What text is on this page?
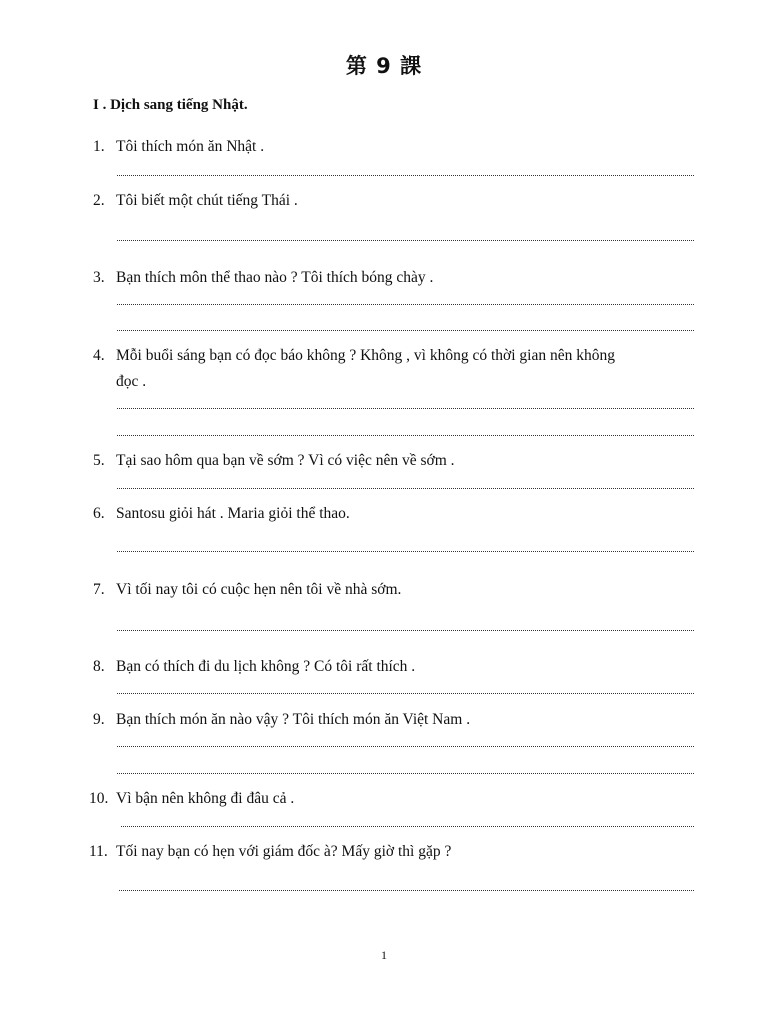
第 9 課
I . Dịch sang tiếng Nhật.
1. Tôi thích món ăn Nhật .
2. Tôi biết một chút tiếng Thái .
3. Bạn thích môn thể thao nào ? Tôi thích bóng chày .
4. Mỗi buổi sáng bạn có đọc báo không ? Không , vì không có thời gian nên không
đọc .
5. Tại sao hôm qua bạn về sớm ? Vì có việc nên về sớm .
6. Santosu giỏi hát . Maria giỏi thể thao.
7. Vì tối nay tôi có cuộc hẹn nên tôi về nhà sớm.
8. Bạn có thích đi du lịch không ? Có tôi rất thích .
9. Bạn thích món ăn nào vậy ? Tôi thích món ăn Việt Nam .
10. Vì bận nên không đi đâu cả .
11. Tối nay bạn có hẹn với giám đốc à? Mấy giờ thì gặp ?
1
